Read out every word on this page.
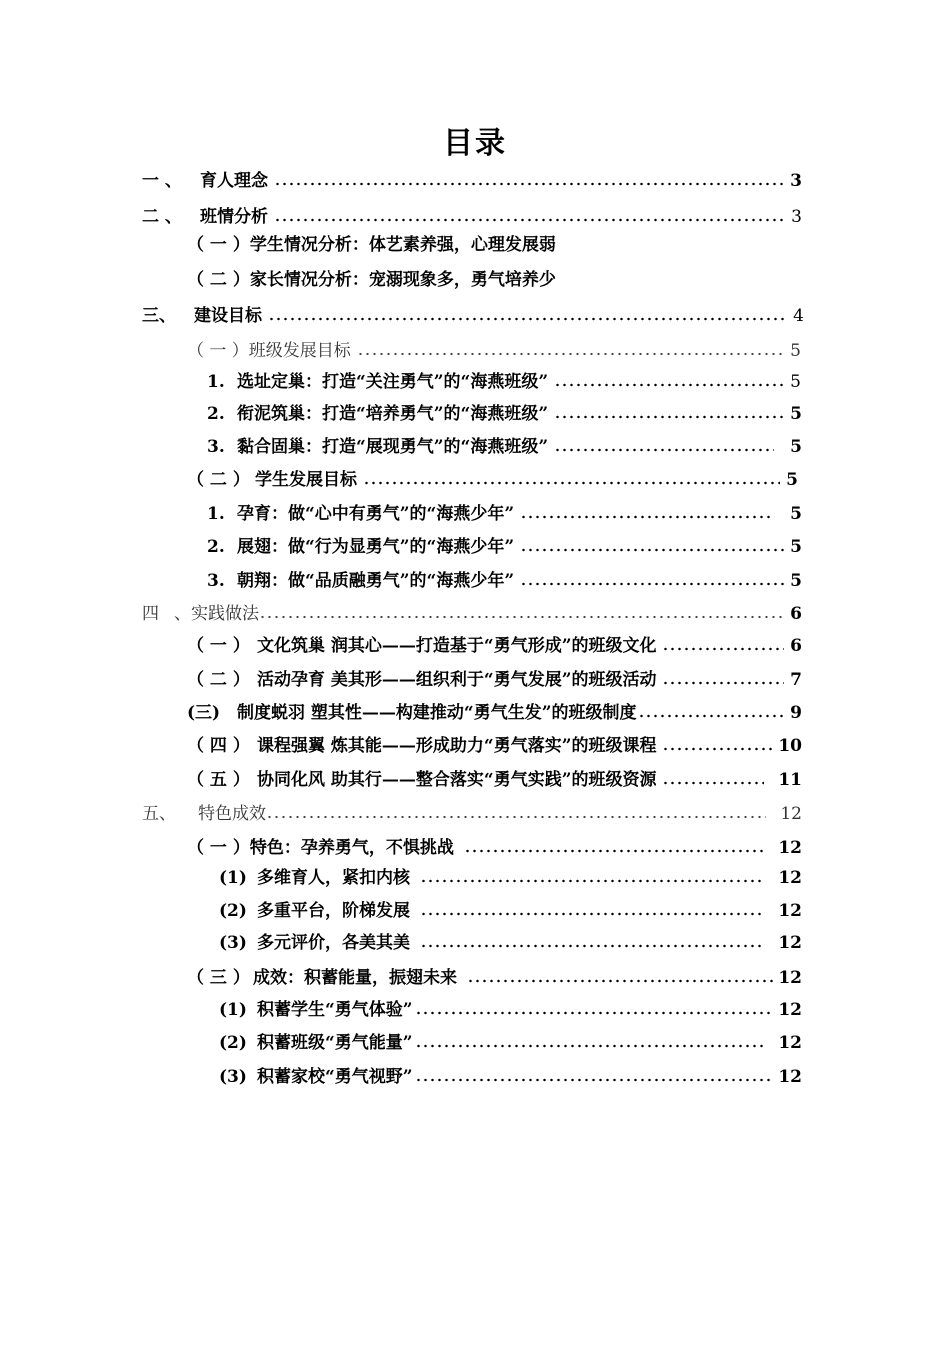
目录
一 、	育人理念	3
二 、	班情分析	3
（ 一 ）学生情况分析：体艺素养强，心理发展弱
（ 二 ）家长情况分析：宠溺现象多，勇气培养少
三、	建设目标	4
（ 一 ）班级发展目标	5
1. 选址定巢：打造“关注勇气”的“海燕班级”	5
2. 衔泥筑巢：打造“培养勇气”的“海燕班级”	5
3. 黏合固巢：打造“展现勇气”的“海燕班级”	5
（ 二 ） 学生发展目标	5
1. 孕育：做“心中有勇气”的“海燕少年”	5
2. 展翅：做“行为显勇气”的“海燕少年”	5
3. 朝翔：做“品质融勇气”的“海燕少年”	5
四 、实践做法	6
（ 一 ） 文化筑巢 润其心——打造基于“勇气形成”的班级文化	6
（ 二 ） 活动孕育 美其形——组织利于“勇气发展”的班级活动	7
(三) 制度蜕羽 塑其性——构建推动“勇气生发”的班级制度	9
（ 四 ） 课程强翼 炼其能——形成助力“勇气落实”的班级课程	10
（ 五 ） 协同化风 助其行——整合落实“勇气实践”的班级资源	11
五、	特色成效	12
（ 一 ）特色：孕养勇气，不惧挑战	12
(1) 多维育人，紧扣内核	12
(2) 多重平台，阶梯发展	12
(3) 多元评价，各美其美	12
（ 三 ） 成效：积蓄能量，振翅未来	12
(1) 积蓄学生“勇气体验”	12
(2) 积蓄班级“勇气能量”	12
(3) 积蓄家校“勇气视野”	12
